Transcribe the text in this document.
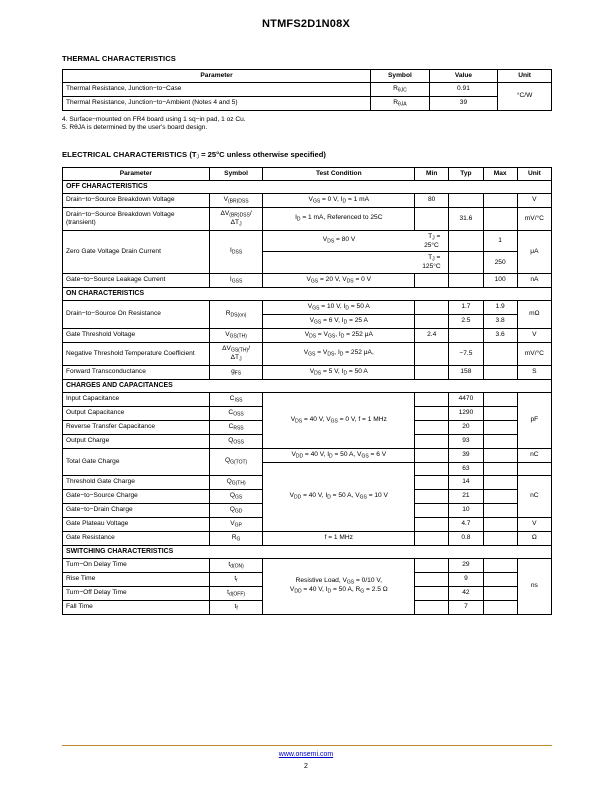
NTMFS2D1N08X
THERMAL CHARACTERISTICS
Parameter	Symbol	Value	Unit
Thermal Resistance, Junction−to−Case	$R_{\theta JC}$	0.91	°C/W
Thermal Resistance, Junction−to−Ambient (Notes 4 and 5)	$R_{\theta JA}$	39	
4. Surface−mounted on FR4 board using 1 sq−in pad, 1 oz Cu.
5. RθJA is determined by the user's board design.
ELECTRICAL CHARACTERISTICS ($T_J = 25^\circ C$ unless otherwise specified)
Parameter	Symbol	Test Condition	Min	Typ	Max	Unit
OFF CHARACTERISTICS						
Drain−to−Source Breakdown Voltage	$V_{(BR)DSS}$	$V_{GS} = 0$ V, $I_D = 1$ mA	80			V
Drain−to−Source Breakdown Voltage (transient)	$\Delta V_{(BR)DSS}/$
$\Delta T_J$	$I_D = 1$ mA, Referenced to 25C		31.6		mV/°C
Zero Gate Voltage Drain Current	$I_{DSS}$	$V_{DS} = 80$ V	$T_J = 25^\circ C$		1	μA
			$T_J = 125^\circ C$		250	
Gate−to−Source Leakage Current	$I_{GSS}$	$V_{GS} = 20$ V, $V_{DS} = 0$ V			100	nA
ON CHARACTERISTICS						
Drain−to−Source On Resistance	$R_{DS(on)}$	$V_{GS} = 10$ V, $I_D = 50$ A		1.7	1.9	mΩ
		$V_{GS} = 6$ V, $I_D = 25$ A		2.5	3.8	
Gate Threshold Voltage	$V_{GS(TH)}$	$V_{DS} = V_{GS}$, $I_D = 252$ μA	2.4		3.6	V
Negative Threshold Temperature Coefficient	$\Delta V_{GS(TH)}/$
$\Delta T_J$	$V_{GS} = V_{DS}$, $I_D = 252$ μA,		−7.5		mV/°C
Forward Transconductance	$g_{FS}$	$V_{DS} = 5$ V, $I_D = 50$ A		158		S
CHARGES AND CAPACITANCES						
Input Capacitance	$C_{ISS}$	$V_{DS} = 40$ V, $V_{GS} = 0$ V, f = 1 MHz		4470		pF
Output Capacitance	$C_{OSS}$			1290		
Reverse Transfer Capacitance	$C_{RSS}$			20		
Output Charge	$Q_{OSS}$			93		
Total Gate Charge	$Q_{G(TOT)}$	$V_{DD} = 40$ V, $I_D = 50$ A, $V_{GS} = 6$ V		39		nC
		$V_{DD} = 40$ V, $I_D = 50$ A, $V_{GS} = 10$ V		63		
Threshold Gate Charge	$Q_{G(TH)}$			14		nC
Gate−to−Source Charge	$Q_{GS}$			21		
Gate−to−Drain Charge	$Q_{GD}$			10		
Gate Plateau Voltage	$V_{GP}$			4.7		V
Gate Resistance	$R_G$	f = 1 MHz		0.8		Ω
SWITCHING CHARACTERISTICS						
Turn−On Delay Time	$t_{d(ON)}$	Resistive Load, $V_{GS} = 0/10$ V,
$V_{DD} = 40$ V, $I_D = 50$ A, $R_G = 2.5$ Ω		29		ns
Rise Time	$t_r$			9		
Turn−Off Delay Time	$t_{d(OFF)}$			42		
Fall Time	$t_f$			7		
www.onsemi.com
2
